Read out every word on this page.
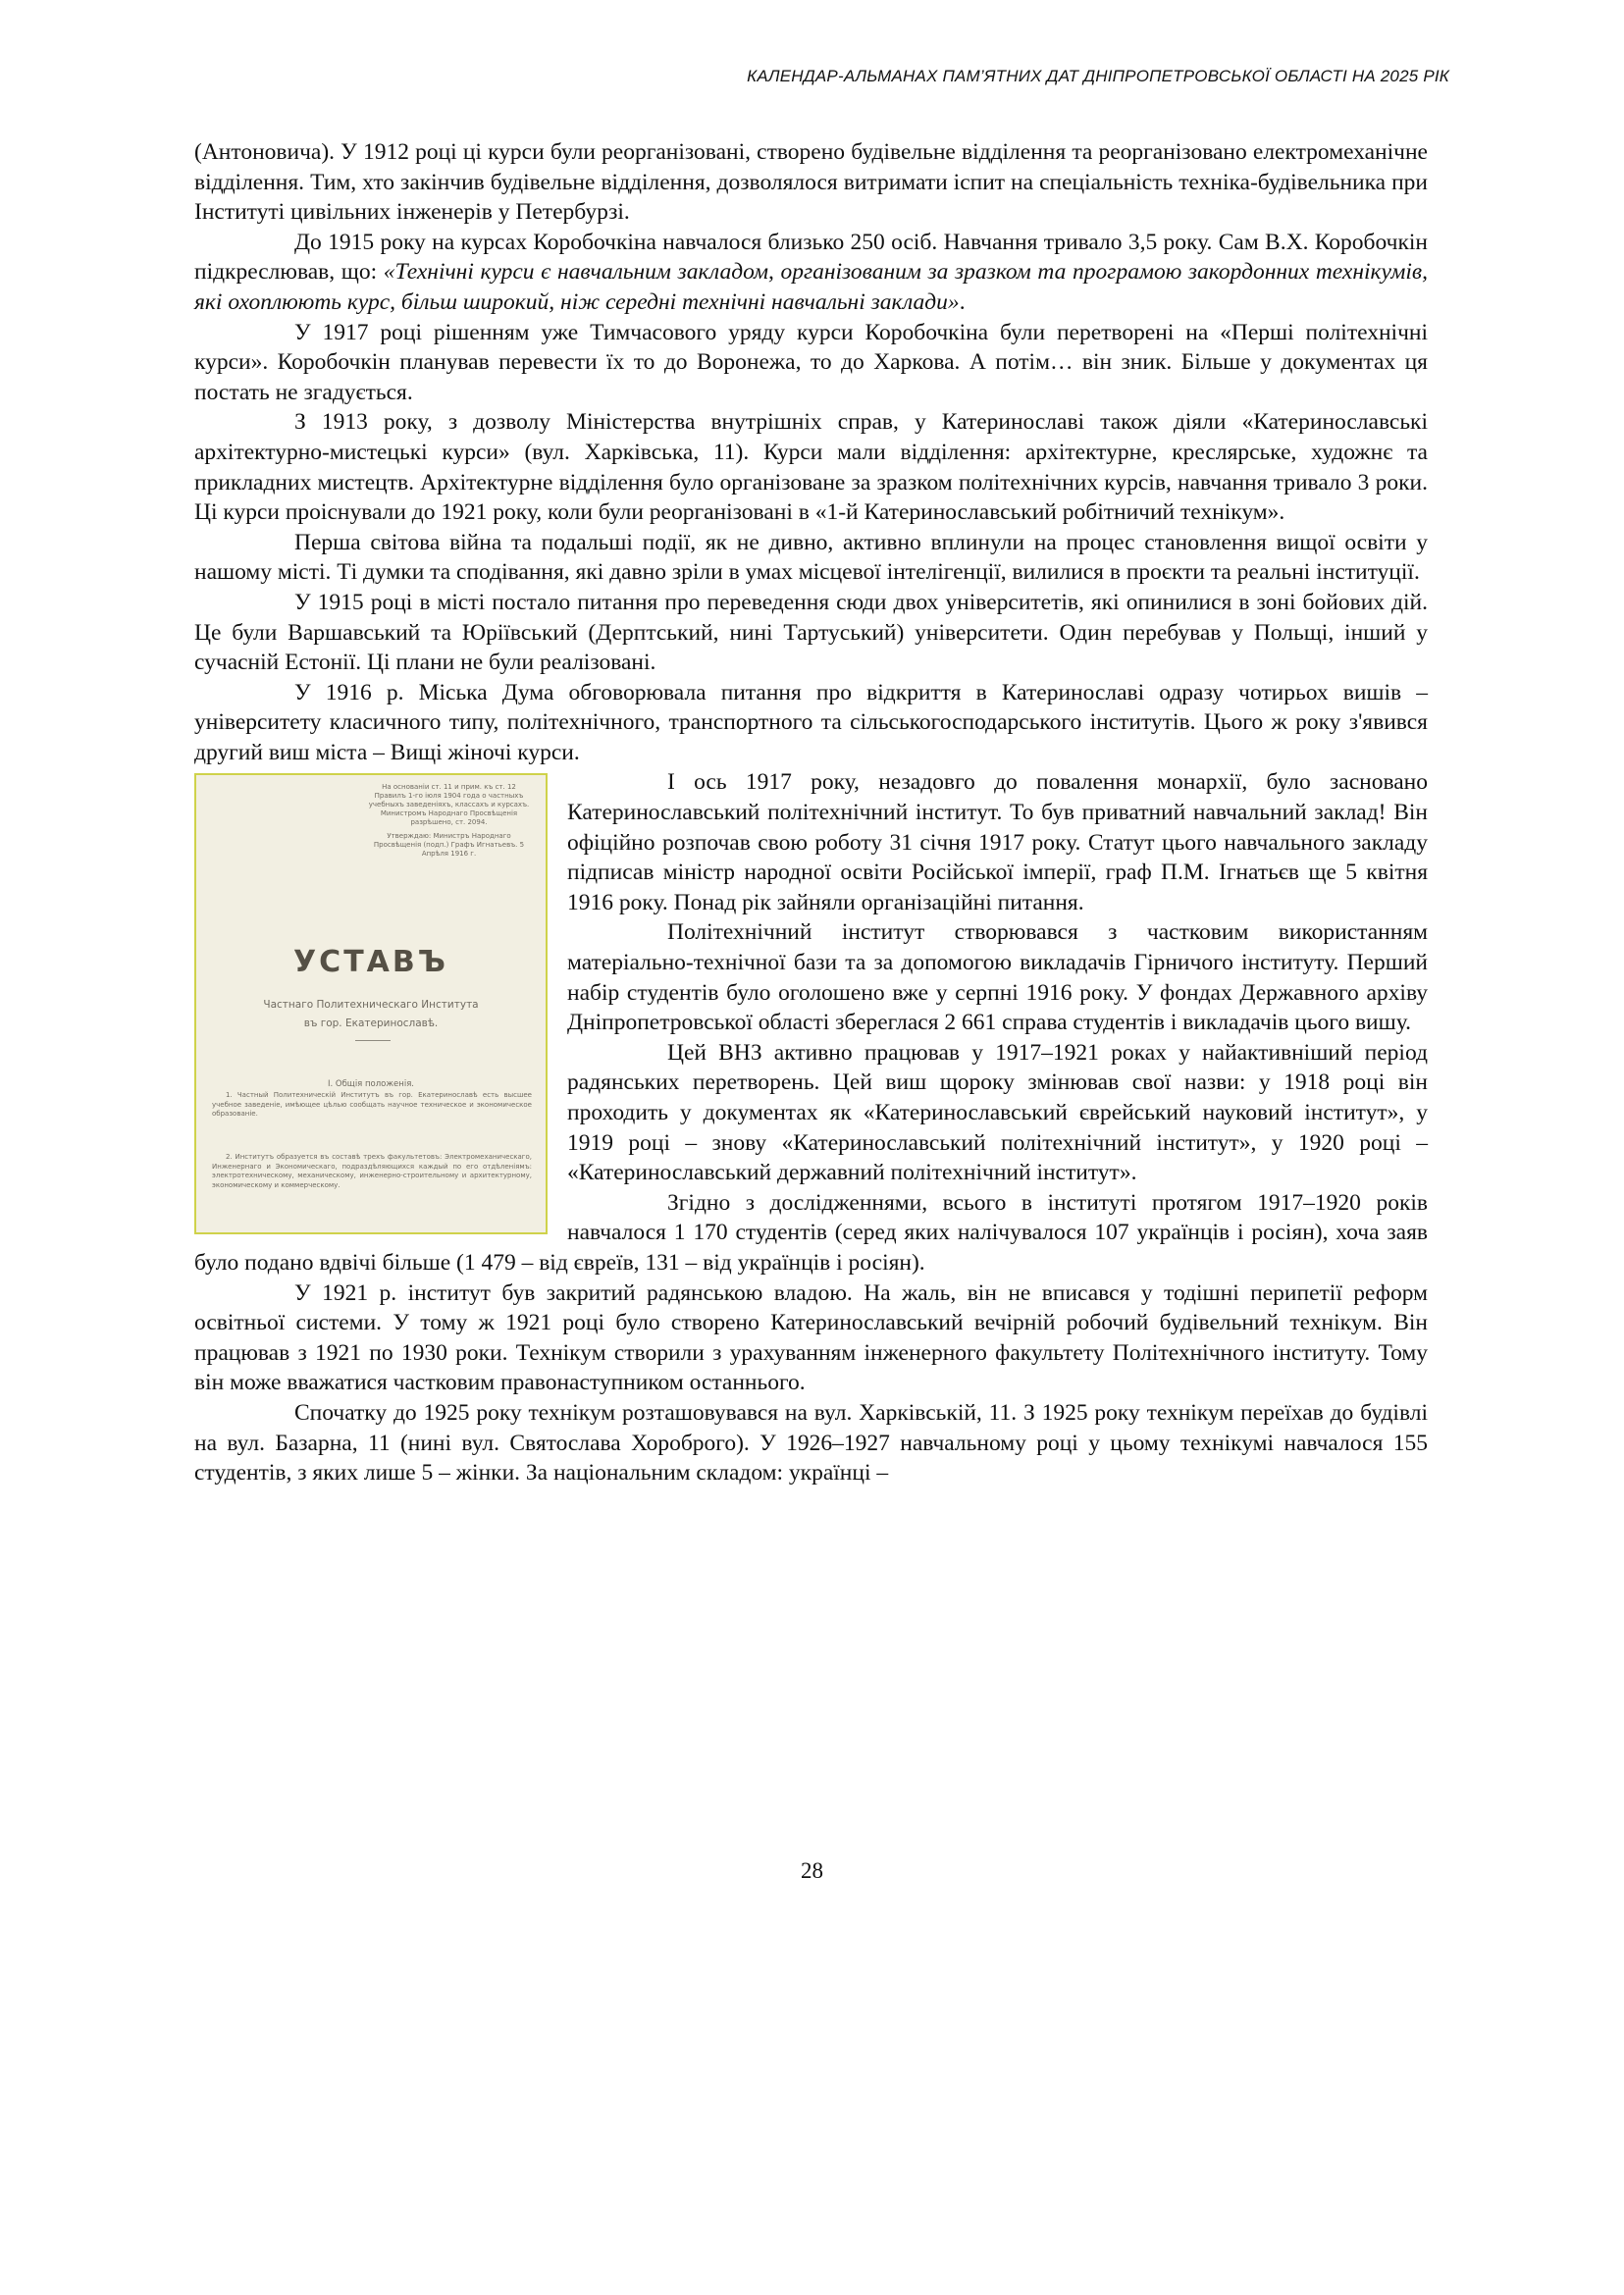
КАЛЕНДАР-АЛЬМАНАХ ПАМ’ЯТНИХ ДАТ ДНІПРОПЕТРОВСЬКОЇ ОБЛАСТІ НА 2025 РІК

(Антоновича). У 1912 році ці курси були реорганізовані, створено будівельне відділення та реорганізовано електромеханічне відділення. Тим, хто закінчив будівельне відділення, дозволялося витримати іспит на спеціальність техніка-будівельника при Інституті цивільних інженерів у Петербурзі.

До 1915 року на курсах Коробочкіна навчалося близько 250 осіб. Навчання тривало 3,5 року. Сам В.Х. Коробочкін підкреслював, що: «Технічні курси є навчальним закладом, організованим за зразком та програмою закордонних технікумів, які охоплюють курс, більш широкий, ніж середні технічні навчальні заклади».

У 1917 році рішенням уже Тимчасового уряду курси Коробочкіна були перетворені на «Перші політехнічні курси». Коробочкін планував перевести їх то до Воронежа, то до Харкова. А потім… він зник. Більше у документах ця постать не згадується.

З 1913 року, з дозволу Міністерства внутрішніх справ, у Катеринославі також діяли «Катеринославські архітектурно-мистецькі курси» (вул. Харківська, 11). Курси мали відділення: архітектурне, креслярське, художнє та прикладних мистецтв. Архітектурне відділення було організоване за зразком політехнічних курсів, навчання тривало 3 роки. Ці курси проіснували до 1921 року, коли були реорганізовані в «1-й Катеринославський робітничий технікум».

Перша світова війна та подальші події, як не дивно, активно вплинули на процес становлення вищої освіти у нашому місті. Ті думки та сподівання, які давно зріли в умах місцевої інтелігенції, вилилися в проєкти та реальні інституції.

У 1915 році в місті постало питання про переведення сюди двох університетів, які опинилися в зоні бойових дій. Це були Варшавський та Юріївський (Дерптський, нині Тартуський) університети. Один перебував у Польщі, інший у сучасній Естонії. Ці плани не були реалізовані.

У 1916 р. Міська Дума обговорювала питання про відкриття в Катеринославі одразу чотирьох вишів – університету класичного типу, політехнічного, транспортного та сільськогосподарського інститутів. Цього ж року з'явився другий виш міста – Вищі жіночі курси.

На основаніи ст. 11 и прим. къ ст. 12 Правилъ 1-го іюля 1904 года о частныхъ учебныхъ заведеніяхъ, классахъ и курсахъ. Министромъ Народнаго Просвѣщенія разрѣшено, ст. 2094.
Утверждаю: Министръ Народнаго Просвѣщенія (подп.) Графъ Игнатьевъ. 5 Апрѣля 1916 г.
УСТАВЪ
Частнаго Политехническаго Института
въ гор. Екатеринославѣ.
I. Общія положенія.
1. Частный Политехническій Институтъ въ гор. Екатеринославѣ есть высшее учебное заведеніе, имѣющее цѣлью сообщать научное техническое и экономическое образованіе.
2. Институтъ образуется въ составѣ трехъ факультетовъ: Электромеханическаго, Инженернаго и Экономическаго, подраздѣляющихся каждый по его отдѣленіямъ: электротехническому, механическому, инженерно-строительному и архитектурному, экономическому и коммерческому.

І ось 1917 року, незадовго до повалення монархії, було засновано Катеринославський політехнічний інститут. То був приватний навчальний заклад! Він офіційно розпочав свою роботу 31 січня 1917 року. Статут цього навчального закладу підписав міністр народної освіти Російської імперії, граф П.М. Ігнатьєв ще 5 квітня 1916 року. Понад рік зайняли організаційні питання.

Політехнічний інститут створювався з частковим використанням матеріально-технічної бази та за допомогою викладачів Гірничого інституту. Перший набір студентів було оголошено вже у серпні 1916 року. У фондах Державного архіву Дніпропетровської області збереглася 2 661 справа студентів і викладачів цього вишу.

Цей ВНЗ активно працював у 1917–1921 роках у найактивніший період радянських перетворень. Цей виш щороку змінював свої назви: у 1918 році він проходить у документах як «Катеринославський єврейський науковий інститут», у 1919 році – знову «Катеринославський політехнічний інститут», у 1920 році – «Катеринославський державний політехнічний інститут».

Згідно з дослідженнями, всього в інституті протягом 1917–1920 років навчалося 1 170 студентів (серед яких налічувалося 107 українців і росіян), хоча заяв було подано вдвічі більше (1 479 – від євреїв, 131 – від українців і росіян).

У 1921 р. інститут був закритий радянською владою. На жаль, він не вписався у тодішні перипетії реформ освітньої системи. У тому ж 1921 році було створено Катеринославський вечірній робочий будівельний технікум. Він працював з 1921 по 1930 роки. Технікум створили з урахуванням інженерного факультету Політехнічного інституту. Тому він може вважатися частковим правонаступником останнього.

Спочатку до 1925 року технікум розташовувався на вул. Харківській, 11. З 1925 року технікум переїхав до будівлі на вул. Базарна, 11 (нині вул. Святослава Хороброго). У 1926–1927 навчальному році у цьому технікумі навчалося 155 студентів, з яких лише 5 – жінки. За національним складом: українці –

28
